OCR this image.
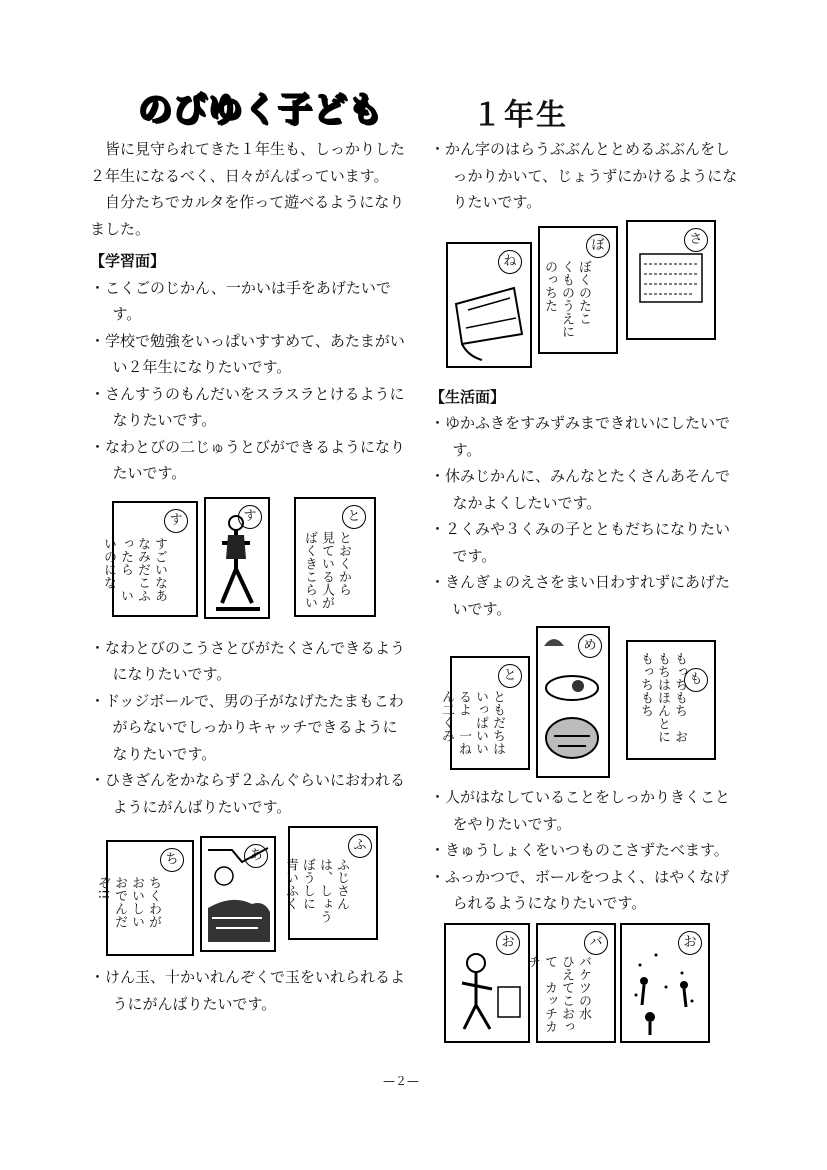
のびゆく子ども	１年生

皆に見守られてきた１年生も、しっかりした２年生になるべく、日々がんばっています。

自分たちでカルタを作って遊べるようになりました。

【学習面】

・こくごのじかん、一かいは手をあげたいです。

・学校で勉強をいっぱいすすめて、あたまがいい２年生になりたいです。

・さんすうのもんだいをスラスラとけるようになりたいです。

・なわとびの二じゅうとびができるようになりたいです。

す
すごいなあ　なみだこふったら　いいのにな
す	と
とおくから　見ている人が　ばくきこらい

・なわとびのこうさとびがたくさんできるようになりたいです。

・ドッジボールで、男の子がなげたたまもこわがらないでしっかりキャッチできるようになりたいです。

・ひきざんをかならず２ふんぐらいにおわれるようにがんばりたいです。

ち
ちくわが　おいしい　おでんだぞ!!
あ
ふ
ふじさんは、しょうぼうしに　青いふく

・けん玉、十かいれんぞくで玉をいれられるようにがんばりたいです。

・かん字のはらうぶぶんととめるぶぶんをしっかりかいて、じょうずにかけるようになりたいです。

ね
ぼ
ぼくのたこ　くものうえに　のっちた
さ

【生活面】

・ゆかふきをすみずみまできれいにしたいです。

・休みじかんに、みんなとたくさんあそんでなかよくしたいです。

・２くみや３くみの子とともだちになりたいです。

・きんぎょのえさをまい日わすれずにあげたいです。

と
ともだちは　いっぱいいるよ　一ねん二くみ
め
も
もっちもち　おもちはほんとに　もっちもち

・人がはなしていることをしっかりきくことをやりたいです。

・きゅうしょくをいつものこさずたべます。

・ふっかつで、ボールをつよく、はやくなげられるようになりたいです。

お	バ
バケツの水　ひえてこおって　カッチカチ
お
—２—
